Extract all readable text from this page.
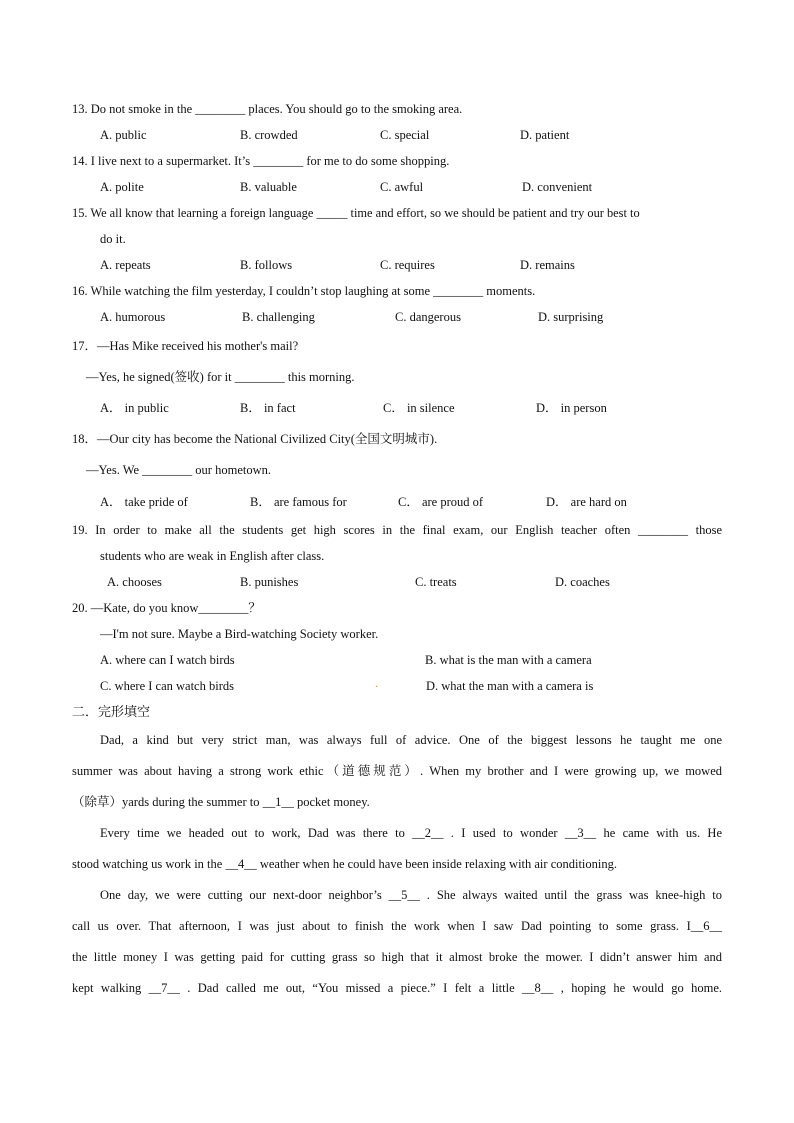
13. Do not smoke in the ________ places. You should go to the smoking area.
A. public	B. crowded	C. special	D. patient
14. I live next to a supermarket. It’s ________ for me to do some shopping.
A. polite	B. valuable	C. awful	D. convenient
15. We all know that learning a foreign language _____ time and effort, so we should be patient and try our best to
do it.
A. repeats	B. follows	C. requires	D. remains
16. While watching the film yesterday, I couldn’t stop laughing at some ________ moments.
A. humorous	B. challenging	C. dangerous	D. surprising
17．—Has Mike received his mother's mail?
—Yes, he signed(签收) for it ________ this morning.
A． in public	B． in fact	C． in silence	D． in person
18．—Our city has become the National Civilized City(全国文明城市).
—Yes. We ________ our hometown.
A． take pride of	B． are famous for	C． are proud of	D． are hard on
19. In order to make all the students get high scores in the final exam, our English teacher often ________ those
students who are weak in English after class.
A. chooses	B. punishes	C. treats	D. coaches
20. —Kate, do you know________？
—I'm not sure. Maybe a Bird-watching Society worker.
A. where can I watch birds	B. what is the man with a camera
C. where I can watch birds	.	D. what the man with a camera is
二．完形填空
Dad, a kind but very strict man, was always full of advice. One of the biggest lessons he taught me one
summer was about having a strong work ethic（道德规范）. When my brother and I were growing up, we mowed
（除草）yards during the summer to __1__ pocket money.
Every time we headed out to work, Dad was there to __2__ . I used to wonder __3__ he came with us. He
stood watching us work in the __4__ weather when he could have been inside relaxing with air conditioning.
One day, we were cutting our next-door neighbor’s __5__ . She always waited until the grass was knee-high to
call us over. That afternoon, I was just about to finish the work when I saw Dad pointing to some grass. I__6__
the little money I was getting paid for cutting grass so high that it almost broke the mower. I didn’t answer him and
kept walking __7__ . Dad called me out, “You missed a piece.” I felt a little __8__ , hoping he would go home.
